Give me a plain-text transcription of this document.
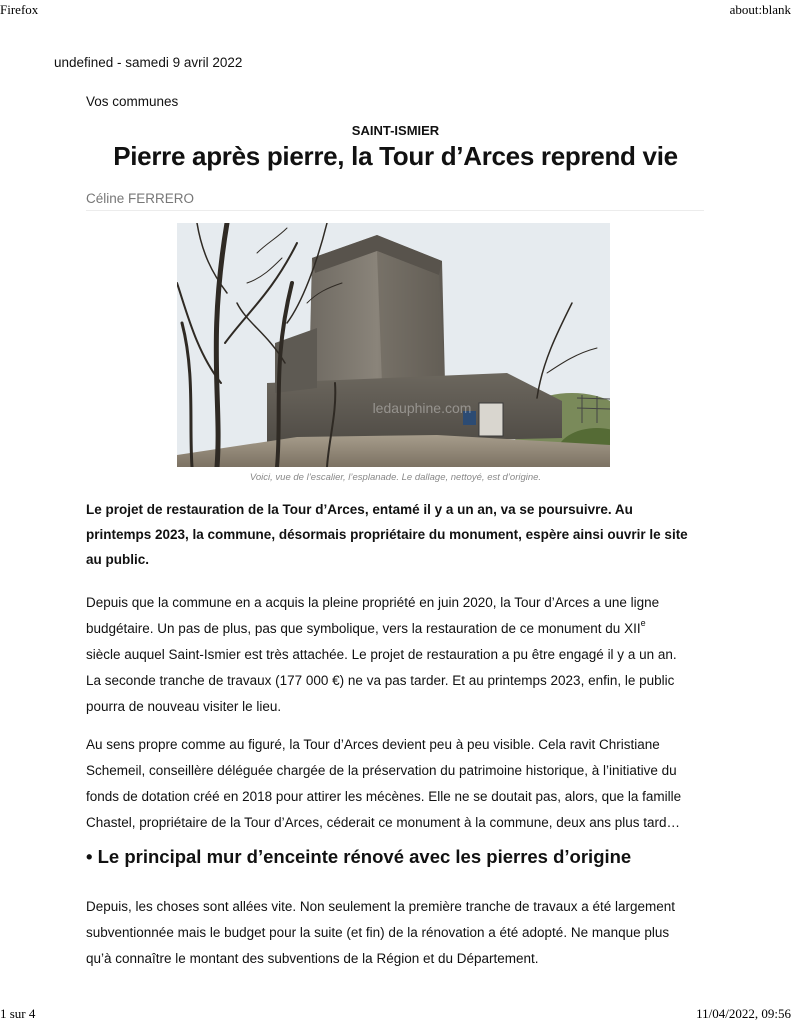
Firefox	about:blank
undefined - samedi 9 avril 2022
Vos communes
SAINT-ISMIER
Pierre après pierre, la Tour d’Arces reprend vie
Céline FERRERO
ledauphine.com
Voici, vue de l’escalier, l’esplanade. Le dallage, nettoyé, est d’origine.
Le projet de restauration de la Tour d’Arces, entamé il y a un an, va se poursuivre. Au printemps 2023, la commune, désormais propriétaire du monument, espère ainsi ouvrir le site au public.
Depuis que la commune en a acquis la pleine propriété en juin 2020, la Tour d’Arces a une ligne
budgétaire. Un pas de plus, pas que symbolique, vers la restauration de ce monument du XIIe
siècle auquel Saint-Ismier est très attachée. Le projet de restauration a pu être engagé il y a un an.
La seconde tranche de travaux (177 000 €) ne va pas tarder. Et au printemps 2023, enfin, le public
pourra de nouveau visiter le lieu.
Au sens propre comme au figuré, la Tour d’Arces devient peu à peu visible. Cela ravit Christiane
Schemeil, conseillère déléguée chargée de la préservation du patrimoine historique, à l’initiative du
fonds de dotation créé en 2018 pour attirer les mécènes. Elle ne se doutait pas, alors, que la famille
Chastel, propriétaire de la Tour d’Arces, céderait ce monument à la commune, deux ans plus tard…
• Le principal mur d’enceinte rénové avec les pierres d’origine
Depuis, les choses sont allées vite. Non seulement la première tranche de travaux a été largement
subventionnée mais le budget pour la suite (et fin) de la rénovation a été adopté. Ne manque plus
qu’à connaître le montant des subventions de la Région et du Département.
1 sur 4	11/04/2022, 09:56
